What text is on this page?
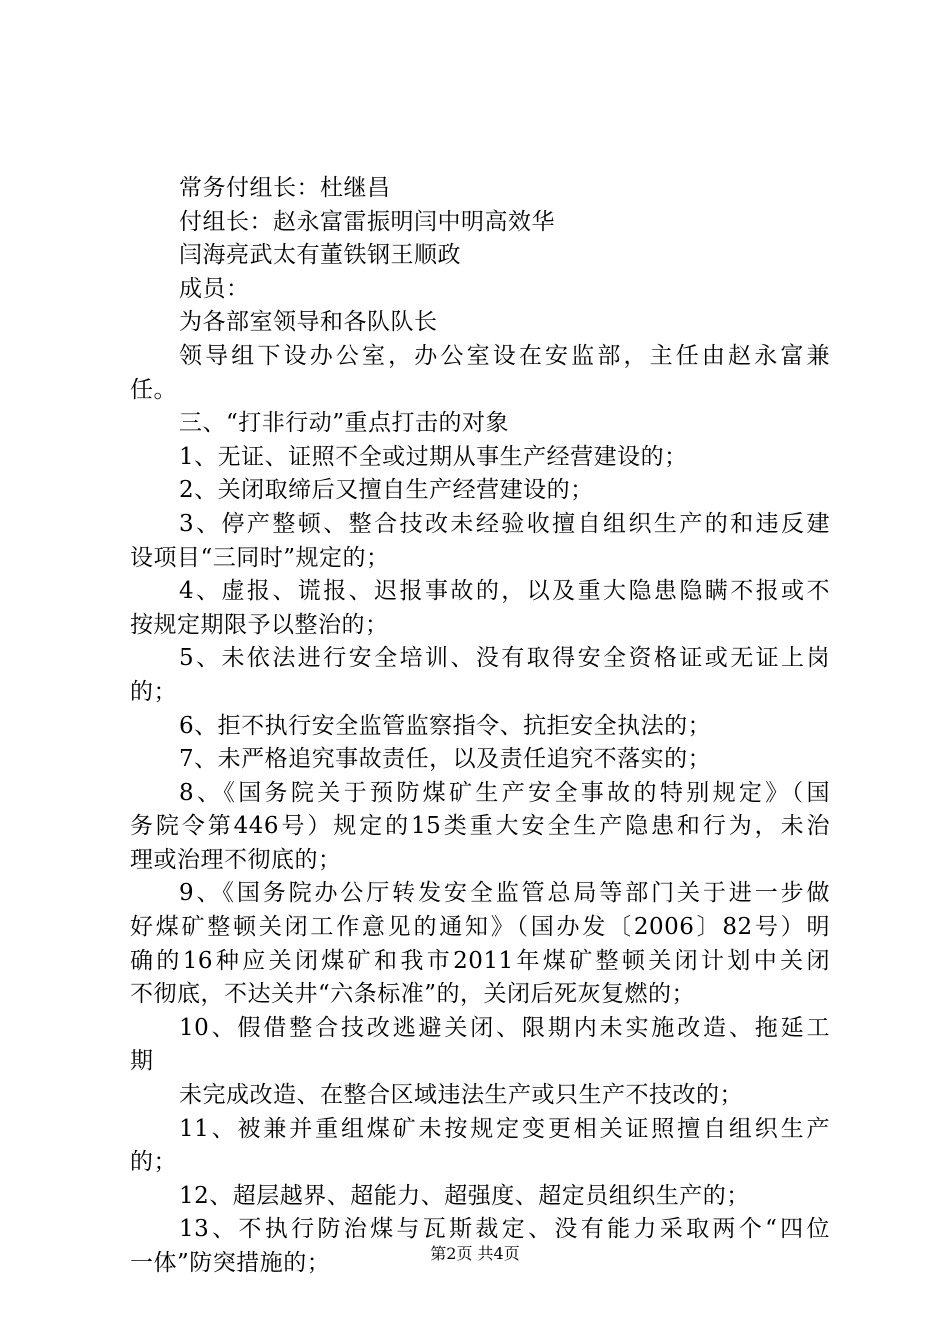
常务付组长：杜继昌
付组长：赵永富雷振明闫中明高效华
闫海亮武太有董铁钢王顺政
成员：
为各部室领导和各队队长
领导组下设办公室，办公室设在安监部，主任由赵永富兼
任。
三、“打非行动”重点打击的对象
1、无证、证照不全或过期从事生产经营建设的；
2、关闭取缔后又擅自生产经营建设的；
3、停产整顿、整合技改未经验收擅自组织生产的和违反建
设项目“三同时”规定的；
4、虚报、谎报、迟报事故的，以及重大隐患隐瞒不报或不
按规定期限予以整治的；
5、未依法进行安全培训、没有取得安全资格证或无证上岗
的；
6、拒不执行安全监管监察指令、抗拒安全执法的；
7、未严格追究事故责任，以及责任追究不落实的；
8、《国务院关于预防煤矿生产安全事故的特别规定》（国
务院令第446号）规定的15类重大安全生产隐患和行为，未治
理或治理不彻底的；
9、《国务院办公厅转发安全监管总局等部门关于进一步做
好煤矿整顿关闭工作意见的通知》（国办发〔2006〕82号）明
确的16种应关闭煤矿和我市2011年煤矿整顿关闭计划中关闭
不彻底，不达关井“六条标准”的，关闭后死灰复燃的；
10、假借整合技改逃避关闭、限期内未实施改造、拖延工
期
未完成改造、在整合区域违法生产或只生产不技改的；
11、被兼并重组煤矿未按规定变更相关证照擅自组织生产
的；
12、超层越界、超能力、超强度、超定员组织生产的；
13、不执行防治煤与瓦斯裁定、没有能力采取两个“四位
一体”防突措施的；	第2页 共4页
